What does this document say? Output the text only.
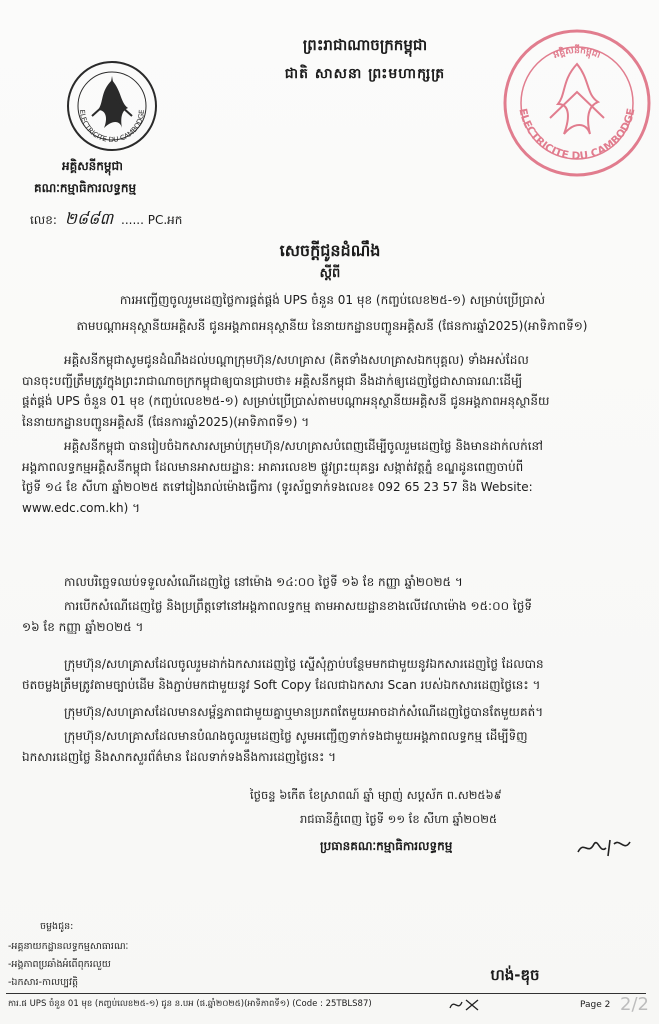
ព្រះរាជាណាចក្រកម្ពុជា
ជាតិ សាសនា ព្រះមហាក្សត្រ
ELECTRICITE DU CAMBODGE
អគ្គិសនីកម្ពុជា
គណៈកម្មាធិការលទ្ធកម្ម
លេខ: ២៨៨៣ ...... PC.អក
ELECTRICITE DU CAMBODGE
អគ្គិសនីកម្ពុជា
សេចក្តីជូនដំណឹង
ស្តីពី
ការអញ្ជើញចូលរួមដេញថ្លៃការផ្គត់ផ្គង់ UPS ចំនួន 01 មុខ (កញ្ចប់លេខ២៥-១) សម្រាប់ប្រើប្រាស់
តាមបណ្តាអនុស្ថានីយអគ្គិសនី ជូនអង្គភាពអនុស្ថានីយ នៃនាយកដ្ឋានបញ្ជូនអគ្គិសនី (ផែនការឆ្នាំ2025)(អាទិភាពទី១)
អគ្គិសនីកម្ពុជាសូមជូនដំណឹងដល់បណ្តាក្រុមហ៊ុន/សហគ្រាស (គិតទាំងសហគ្រាសឯកបុគ្គល) ទាំងអស់ដែល
បានចុះបញ្ជីត្រឹមត្រូវក្នុងព្រះរាជាណាចក្រកម្ពុជាឲ្យបានជ្រាបថា៖ អគ្គិសនីកម្ពុជា នឹងដាក់ឲ្យដេញថ្លៃជាសាធារណៈដើម្បី
ផ្គត់ផ្គង់ UPS ចំនួន 01 មុខ (កញ្ចប់លេខ២៥-១) សម្រាប់ប្រើប្រាស់តាមបណ្តាអនុស្ថានីយអគ្គិសនី ជូនអង្គភាពអនុស្ថានីយ
នៃនាយកដ្ឋានបញ្ជូនអគ្គិសនី (ផែនការឆ្នាំ2025)(អាទិភាពទី១) ។
អគ្គិសនីកម្ពុជា បានរៀបចំឯកសារសម្រាប់ក្រុមហ៊ុន/សហគ្រាសបំពេញដើម្បីចូលរួមដេញថ្លៃ និងមានដាក់លក់នៅ
អង្គភាពលទ្ធកម្មអគ្គិសនីកម្ពុជា ដែលមានអាសយដ្ឋាន: អាគារលេខ២ ផ្លូវព្រះយុគន្ធរ សង្កាត់វត្តភ្នំ ខណ្ឌដូនពេញចាប់ពី
ថ្ងៃទី ១៤ ខែ សីហា ឆ្នាំ២០២៥ តទៅរៀងរាល់ម៉ោងធ្វើការ (ទូរស័ព្ទទាក់ទងលេខ៖ 092 65 23 57 និង Website:
www.edc.com.kh) ។
កាលបរិច្ឆេទឈប់ទទួលសំណើដេញថ្លៃ នៅម៉ោង ១៤:០០ ថ្ងៃទី ១៦ ខែ កញ្ញា ឆ្នាំ២០២៥ ។
ការបើកសំណើដេញថ្លៃ និងប្រព្រឹត្តទៅនៅអង្គភាពលទ្ធកម្ម តាមអាសយដ្ឋានខាងលើវេលាម៉ោង ១៥:០០ ថ្ងៃទី
១៦ ខែ កញ្ញា ឆ្នាំ២០២៥ ។
ក្រុមហ៊ុន/សហគ្រាសដែលចូលរួមដាក់ឯកសារដេញថ្លៃ ស្នើសុំភ្ជាប់បន្ថែមមកជាមួយនូវឯកសារដេញថ្លៃ ដែលបាន
ថតចម្លងត្រឹមត្រូវតាមច្បាប់ដើម និងភ្ជាប់មកជាមួយនូវ Soft Copy ដែលជាឯកសារ Scan របស់ឯកសារដេញថ្លៃនេះ ។
ក្រុមហ៊ុន/សហគ្រាសដែលមានសម្ព័ន្ធភាពជាមួយគ្នាឬមានប្រភពតែមួយអាចដាក់សំណើដេញថ្លៃបានតែមួយគត់។
ក្រុមហ៊ុន/សហគ្រាសដែលមានបំណងចូលរួមដេញថ្លៃ សូមអញ្ជើញទាក់ទងជាមួយអង្គភាពលទ្ធកម្ម ដើម្បីទិញ
ឯកសារដេញថ្លៃ និងសាកសួរព័ត៌មាន ដែលទាក់ទងនឹងការដេញថ្លៃនេះ ។
ថ្ងៃចន្ទ ៦កេីត ខែស្រាពណ៍ ឆ្នាំ ម្សាញ់ សប្តស័ក ព.ស២៥៦៩
រាជធានីភ្នំពេញ ថ្ងៃទី ១១ ខែ សីហា ឆ្នាំ២០២៥
ប្រធានគណៈកម្មាធិការលទ្ធកម្ម
ចម្លងជូន:
-អគ្គនាយកដ្ឋានលទ្ធកម្មសាធារណៈ
-អង្គភាពប្រឆាំងអំពើពុករលួយ
-ឯកសារ-កាលប្បវត្តិ	ហង់-ឌុច
ការ.ផ UPS ចំនួន 01 មុខ (កញ្ចប់លេខ២៥-១) ជូន ន.បអ (ផ.ឆ្នាំ២០២៥)(អាទិភាពទី១) (Code : 25TBLS87)	Page 2 2/2
